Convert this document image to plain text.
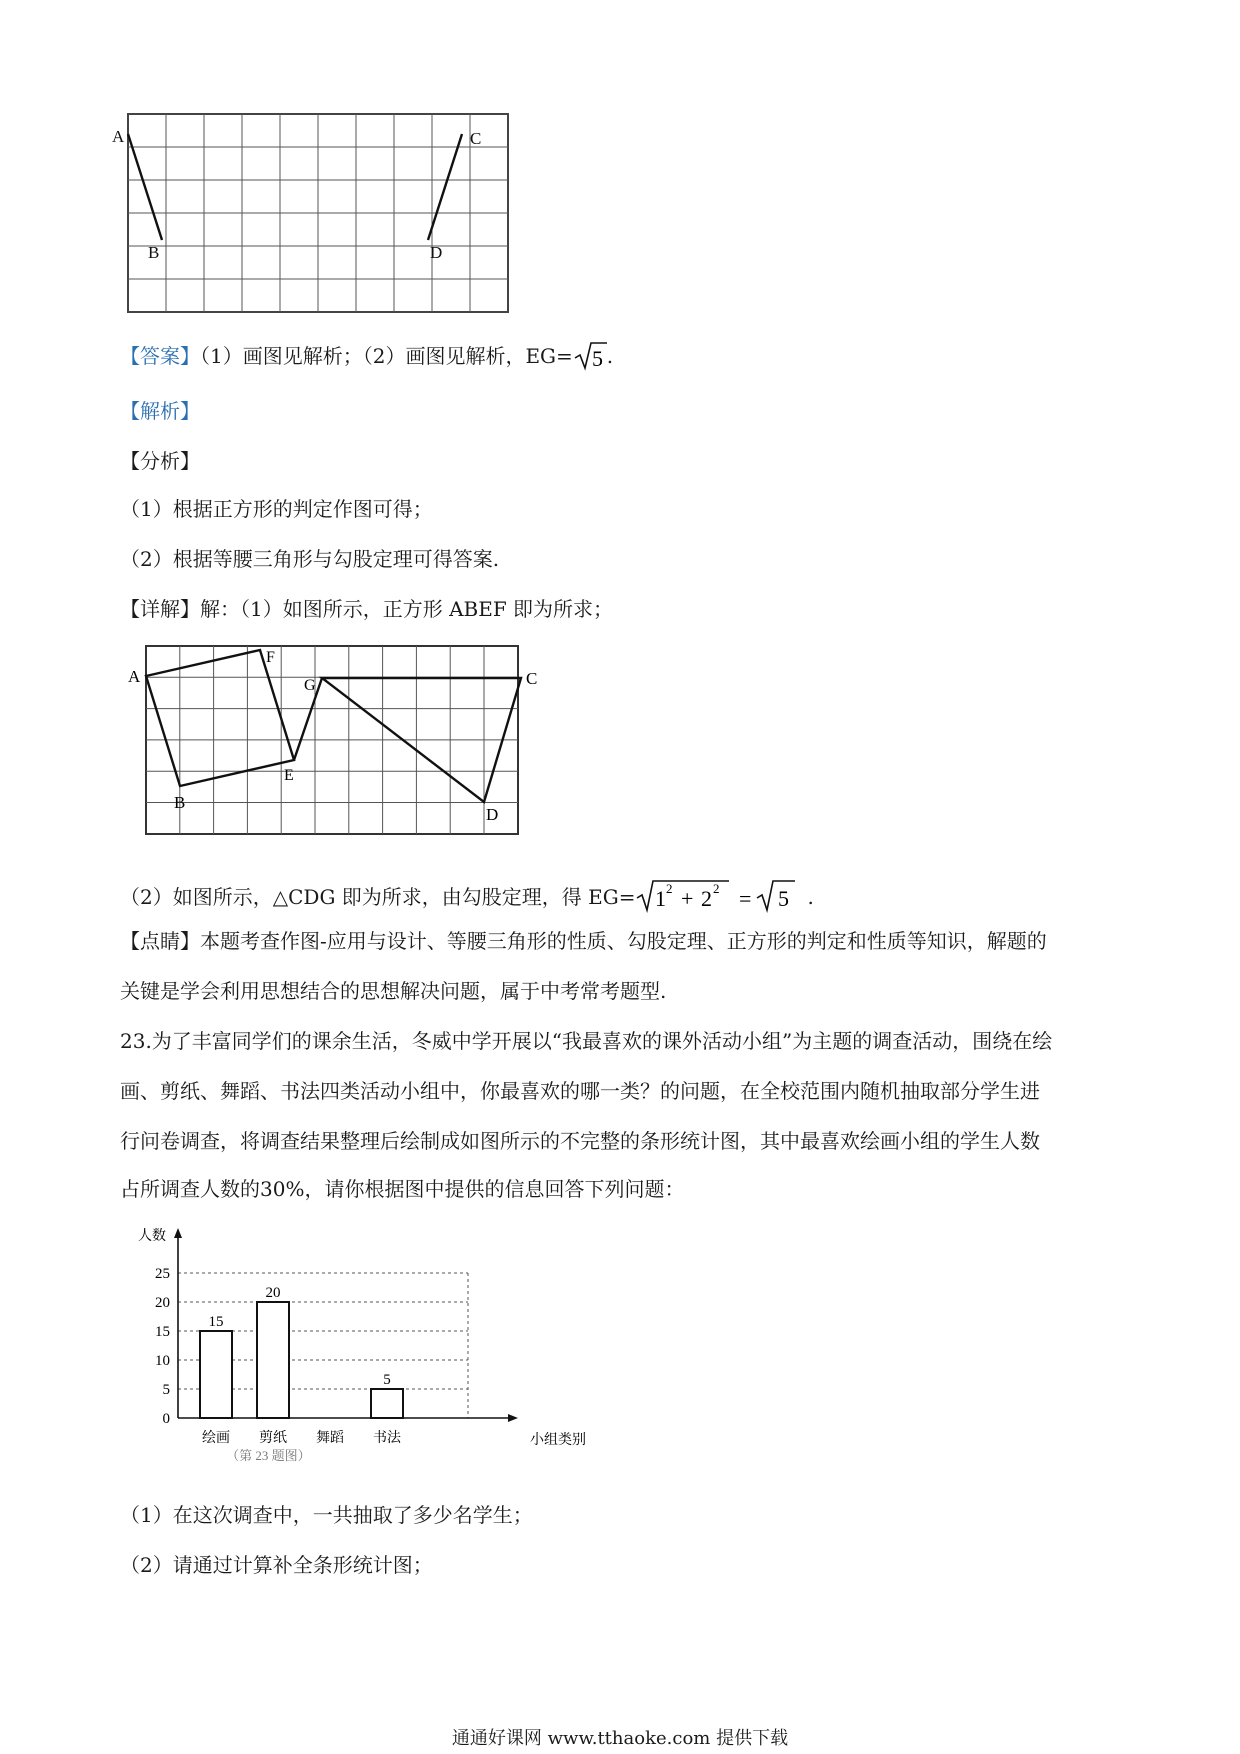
A
B
C
D
【答案】（1）画图见解析；（2）画图见解析，EG= 5 .
【解析】
【分析】
（1）根据正方形的判定作图可得；
（2）根据等腰三角形与勾股定理可得答案.
【详解】解：（1）如图所示，正方形 ABEF 即为所求；
A
F
G	C
E
B
D
（2）如图所示，△CDG 即为所求，由勾股定理，得 EG= 1 2 + 2 2 = 5 .
【点睛】本题考查作图-应用与设计、等腰三角形的性质、勾股定理、正方形的判定和性质等知识，解题的
关键是学会利用思想结合的思想解决问题，属于中考常考题型.
23.为了丰富同学们的课余生活，冬威中学开展以“我最喜欢的课外活动小组”为主题的调查活动，围绕在绘
画、剪纸、舞蹈、书法四类活动小组中，你最喜欢的哪一类？的问题，在全校范围内随机抽取部分学生进
行问卷调查，将调查结果整理后绘制成如图所示的不完整的条形统计图，其中最喜欢绘画小组的学生人数
占所调查人数的30%，请你根据图中提供的信息回答下列问题：
0
5
10
15
20
25
人数
小组类别
15
绘画
20
剪纸 舞蹈
5
书法
（第 23 题图）
（1）在这次调查中，一共抽取了多少名学生；
（2）请通过计算补全条形统计图；
通通好课网 www.tthaoke.com 提供下载
